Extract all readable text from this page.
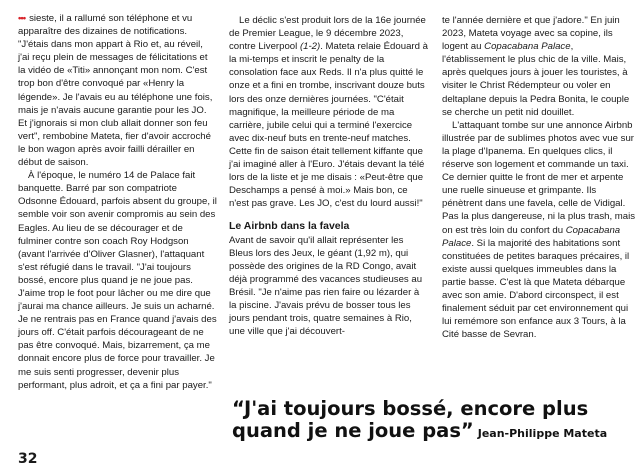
••• sieste, il a rallumé son téléphone et vu apparaître des dizaines de notifications. "J'étais dans mon appart à Rio et, au réveil, j'ai reçu plein de messages de félicitations et la vidéo de «Titi» annonçant mon nom. C'est trop bon d'être convoqué par «Henry la légende». Je l'avais eu au téléphone une fois, mais je n'avais aucune garantie pour les JO. Et j'ignorais si mon club allait donner son feu vert", rembobine Mateta, fier d'avoir accroché le bon wagon après avoir failli dérailler en début de saison.

À l'époque, le numéro 14 de Palace fait banquette. Barré par son compatriote Odsonne Édouard, parfois absent du groupe, il semble voir son avenir compromis au sein des Eagles. Au lieu de se décourager et de fulminer contre son coach Roy Hodgson (avant l'arrivée d'Oliver Glasner), l'attaquant s'est réfugié dans le travail. "J'ai toujours bossé, encore plus quand je ne joue pas. J'aime trop le foot pour lâcher ou me dire que j'aurai ma chance ailleurs. Je suis un acharné. Je ne rentrais pas en France quand j'avais des jours off. C'était parfois décourageant de ne pas être convoqué. Mais, bizarrement, ça me donnait encore plus de force pour travailler. Je me suis senti progresser, devenir plus performant, plus adroit, et ça a fini par payer."

Le déclic s'est produit lors de la 16e journée de Premier League, le 9 décembre 2023, contre Liverpool (1-2). Mateta relaie Édouard à la mi-temps et inscrit le penalty de la consolation face aux Reds. Il n'a plus quitté le onze et a fini en trombe, inscrivant douze buts lors des onze dernières journées. "C'était magnifique, la meilleure période de ma carrière, jubile celui qui a terminé l'exercice avec dix-neuf buts en trente-neuf matches. Cette fin de saison était tellement kiffante que j'ai imaginé aller à l'Euro. J'étais devant la télé lors de la liste et je me disais : «Peut-être que Deschamps a pensé à moi.» Mais bon, ce n'est pas grave. Les JO, c'est du lourd aussi!"

Le Airbnb dans la favela

Avant de savoir qu'il allait représenter les Bleus lors des Jeux, le géant (1,92 m), qui possède des origines de la RD Congo, avait déjà programmé des vacances studieuses au Brésil. "Je n'aime pas rien faire ou lézarder à la piscine. J'avais prévu de bosser tous les jours pendant trois, quatre semaines à Rio, une ville que j'ai découvert-

te l'année dernière et que j'adore." En juin 2023, Mateta voyage avec sa copine, ils logent au Copacabana Palace, l'établissement le plus chic de la ville. Mais, après quelques jours à jouer les touristes, à visiter le Christ Rédempteur ou voler en deltaplane depuis la Pedra Bonita, le couple se cherche un petit nid douillet.

L'attaquant tombe sur une annonce Airbnb illustrée par de sublimes photos avec vue sur la plage d'Ipanema. En quelques clics, il réserve son logement et commande un taxi. Ce dernier quitte le front de mer et arpente une ruelle sinueuse et grimpante. Ils pénètrent dans une favela, celle de Vidigal. Pas la plus dangereuse, ni la plus trash, mais on est très loin du confort du Copacabana Palace. Si la majorité des habitations sont constituées de petites baraques précaires, il existe aussi quelques immeubles dans la partie basse. C'est là que Mateta débarque avec son amie. D'abord circonspect, il est finalement séduit par cet environnement qui lui remémore son enfance aux 3 Tours, à la Cité basse de Sevran.

“J'ai toujours bossé, encore plus quand je ne joue pas” Jean-Philippe Mateta
32
